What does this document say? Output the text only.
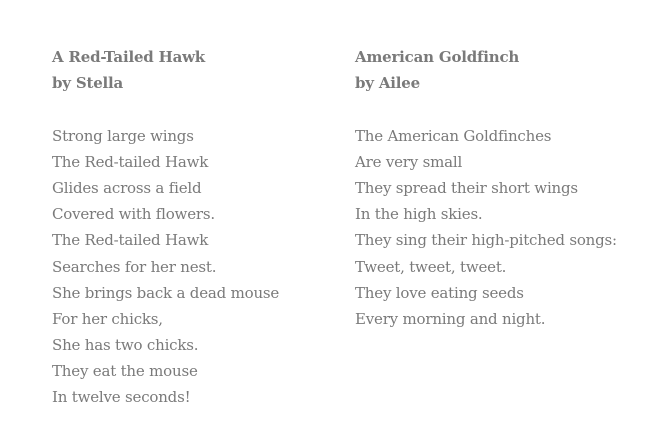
A Red-Tailed Hawk
by Stella
Strong large wings
The Red-tailed Hawk
Glides across a field
Covered with flowers.
The Red-tailed Hawk
Searches for her nest.
She brings back a dead mouse
For her chicks,
She has two chicks.
They eat the mouse
In twelve seconds!
American Goldfinch
by Ailee
The American Goldfinches
Are very small
They spread their short wings
In the high skies.
They sing their high-pitched songs:
Tweet, tweet, tweet.
They love eating seeds
Every morning and night.
